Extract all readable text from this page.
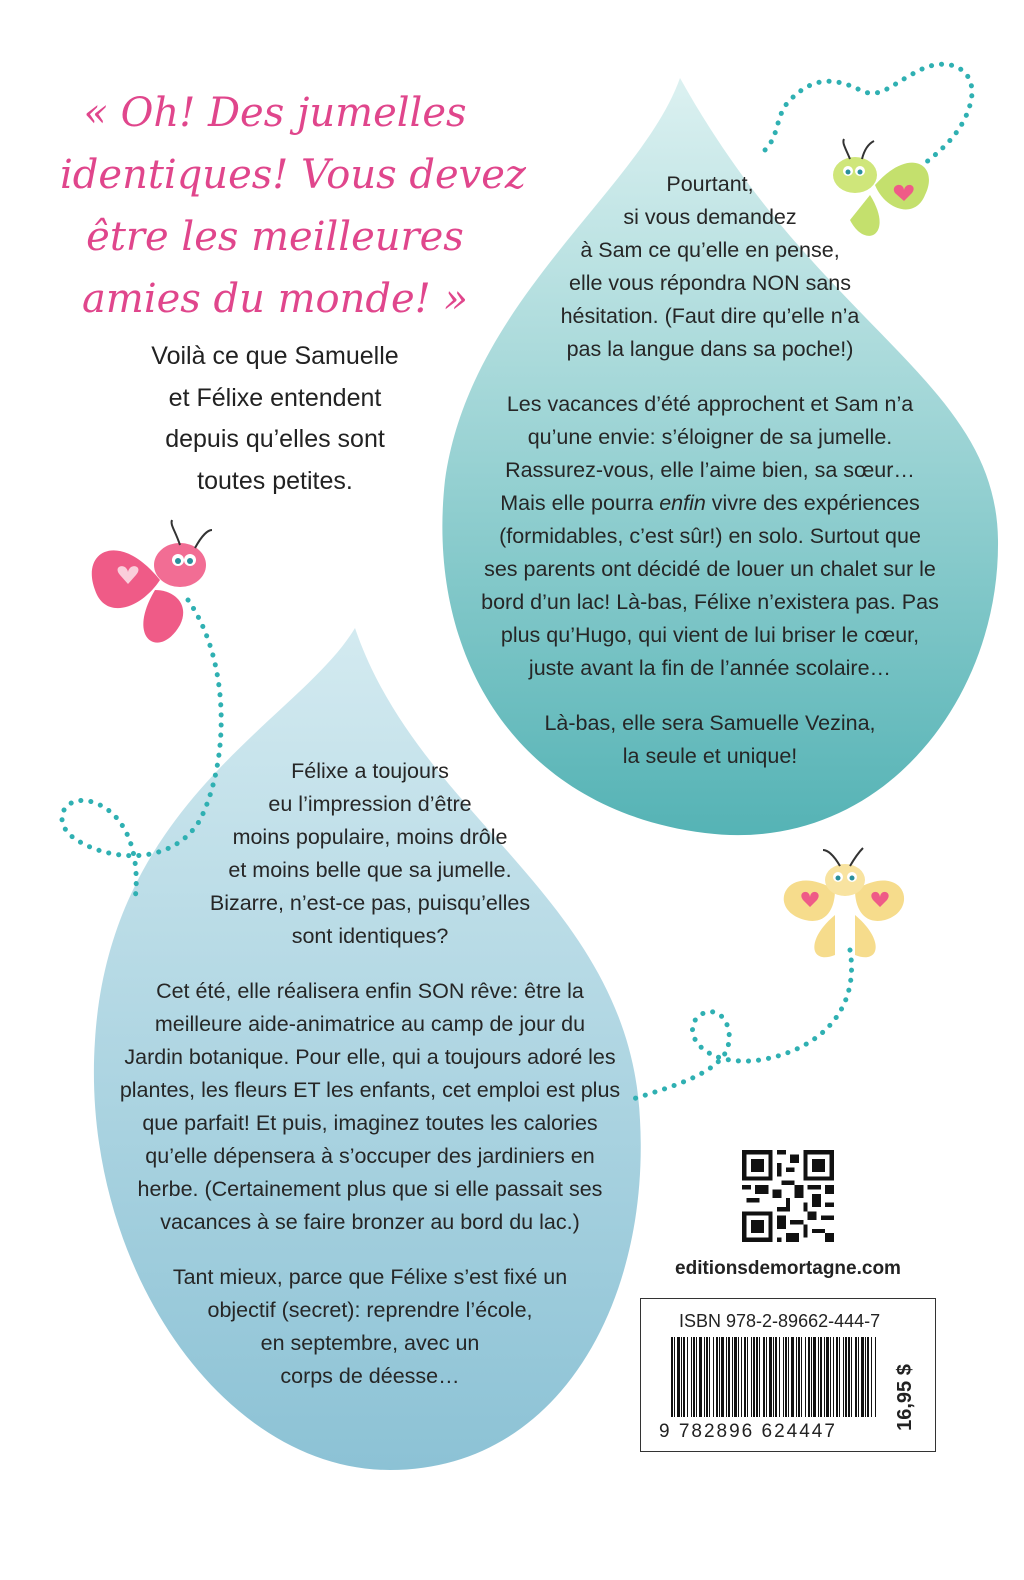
« Oh! Des jumelles
identiques! Vous devez
être les meilleures
amies du monde! »
Voilà ce que Samuelle
et Félixe entendent
depuis qu’elles sont
toutes petites.
Pourtant,
si vous demandez
à Sam ce qu’elle en pense,
elle vous répondra NON sans
hésitation. (Faut dire qu’elle n’a
pas la langue dans sa poche!)
Les vacances d’été approchent et Sam n’a
qu’une envie: s’éloigner de sa jumelle.
Rassurez-vous, elle l’aime bien, sa sœur…
Mais elle pourra enfin vivre des expériences
(formidables, c’est sûr!) en solo. Surtout que
ses parents ont décidé de louer un chalet sur le
bord d’un lac! Là-bas, Félixe n’existera pas. Pas
plus qu’Hugo, qui vient de lui briser le cœur,
juste avant la fin de l’année scolaire…
Là-bas, elle sera Samuelle Vezina,
la seule et unique!
Félixe a toujours
eu l’impression d’être
moins populaire, moins drôle
et moins belle que sa jumelle.
Bizarre, n’est-ce pas, puisqu’elles
sont identiques?
Cet été, elle réalisera enfin SON rêve: être la
meilleure aide-animatrice au camp de jour du
Jardin botanique. Pour elle, qui a toujours adoré les
plantes, les fleurs ET les enfants, cet emploi est plus
que parfait! Et puis, imaginez toutes les calories
qu’elle dépensera à s’occuper des jardiniers en
herbe. (Certainement plus que si elle passait ses
vacances à se faire bronzer au bord du lac.)
Tant mieux, parce que Félixe s’est fixé un
objectif (secret): reprendre l’école,
en septembre, avec un
corps de déesse…
editionsdemortagne.com
ISBN 978-2-89662-444-7
9 782896 624447
16,95 $
